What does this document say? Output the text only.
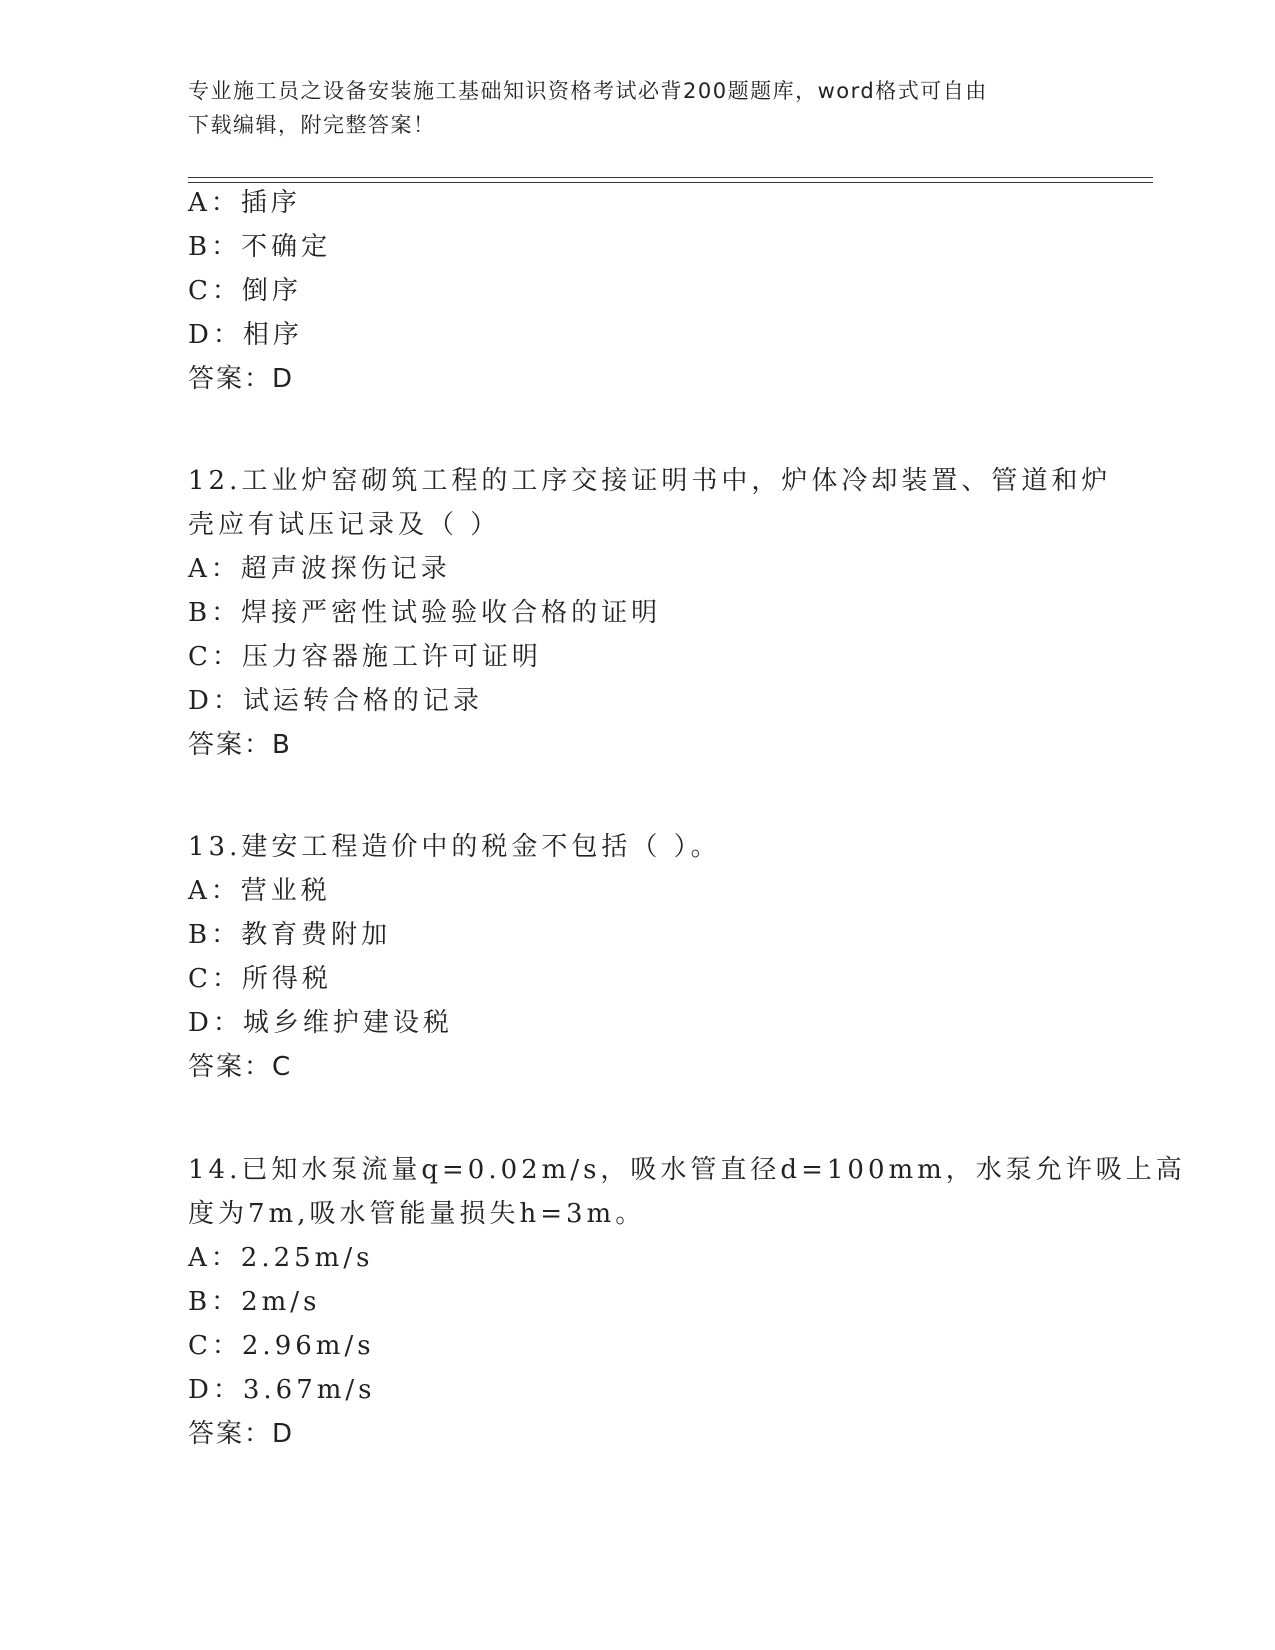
专业施工员之设备安装施工基础知识资格考试必背200题题库，word格式可自由
下载编辑，附完整答案！
A：插序
B：不确定
C：倒序
D：相序
答案：D
12.工业炉窑砌筑工程的工序交接证明书中，炉体冷却装置、管道和炉
壳应有试压记录及（ ）
A：超声波探伤记录
B：焊接严密性试验验收合格的证明
C：压力容器施工许可证明
D：试运转合格的记录
答案：B
13.建安工程造价中的税金不包括（ ）。
A：营业税
B：教育费附加
C：所得税
D：城乡维护建设税
答案：C
14.已知水泵流量q=0.02m/s，吸水管直径d=100mm，水泵允许吸上高
度为7m,吸水管能量损失h=3m。
A：2.25m/s
B：2m/s
C：2.96m/s
D：3.67m/s
答案：D
